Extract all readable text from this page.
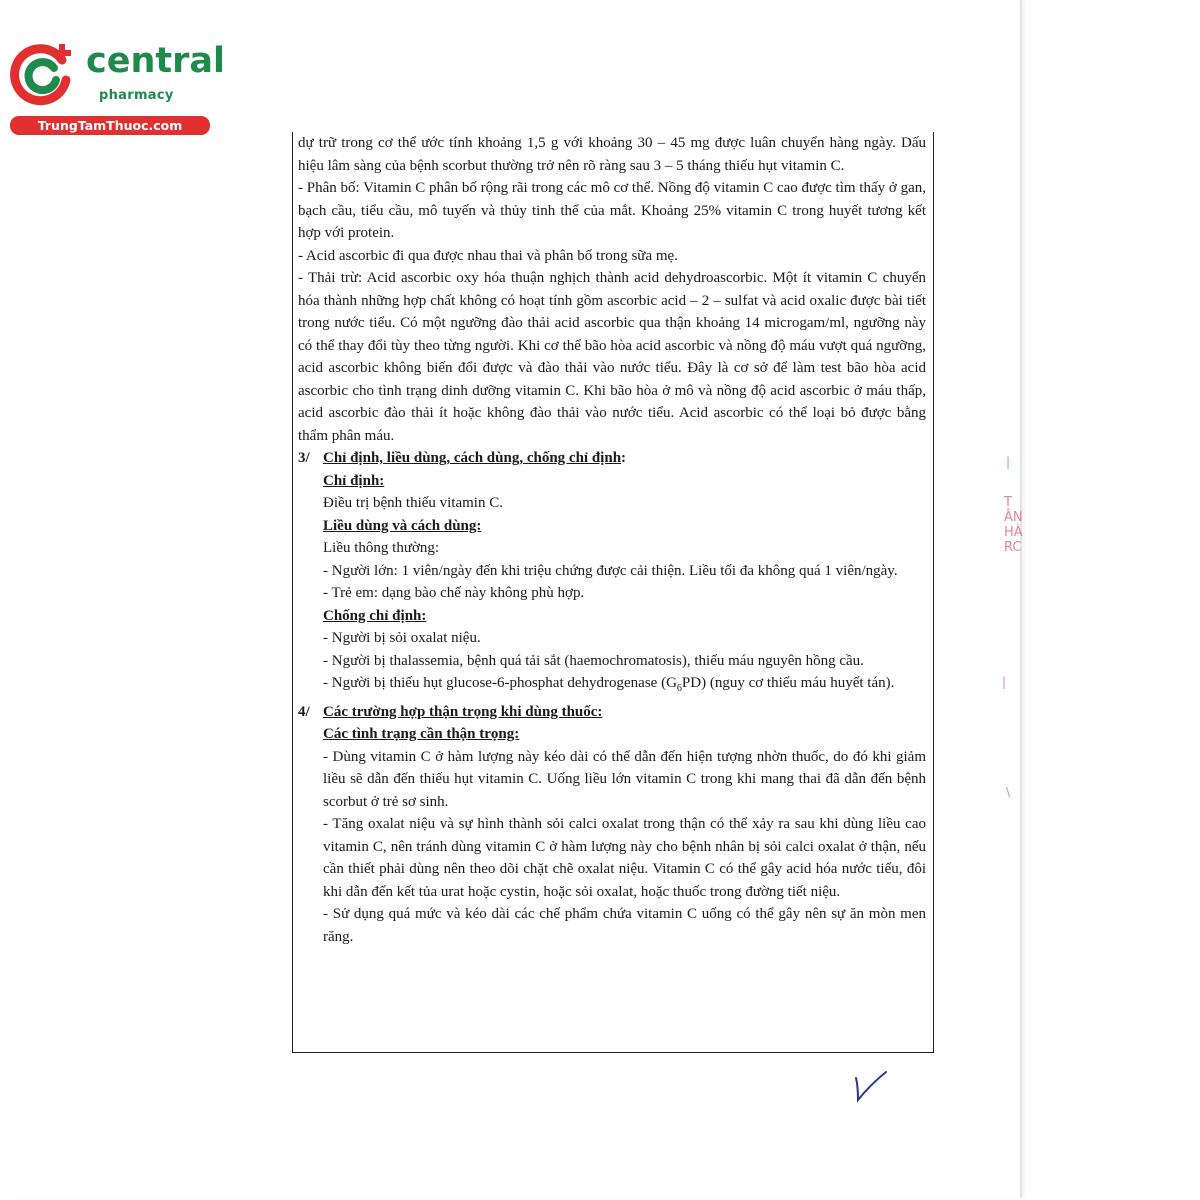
central
pharmacy
TrungTamThuoc.com

dự trữ trong cơ thể ước tính khoảng 1,5 g với khoảng 30 – 45 mg được luân chuyển hàng ngày. Dấu hiệu lâm sàng của bệnh scorbut thường trở nên rõ ràng sau 3 – 5 tháng thiếu hụt vitamin C.

- Phân bố: Vitamin C phân bố rộng rãi trong các mô cơ thể. Nồng độ vitamin C cao được tìm thấy ở gan, bạch cầu, tiểu cầu, mô tuyến và thủy tinh thể của mắt. Khoảng 25% vitamin C trong huyết tương kết hợp với protein.

- Acid ascorbic đi qua được nhau thai và phân bố trong sữa mẹ.

- Thải trừ: Acid ascorbic oxy hóa thuận nghịch thành acid dehydroascorbic. Một ít vitamin C chuyển hóa thành những hợp chất không có hoạt tính gồm ascorbic acid – 2 – sulfat và acid oxalic được bài tiết trong nước tiểu. Có một ngưỡng đào thải acid ascorbic qua thận khoảng 14 microgam/ml, ngưỡng này có thể thay đổi tùy theo từng người. Khi cơ thể bão hòa acid ascorbic và nồng độ máu vượt quá ngưỡng, acid ascorbic không biến đổi được và đào thải vào nước tiểu. Đây là cơ sở để làm test bão hòa acid ascorbic cho tình trạng dinh dưỡng vitamin C. Khi bão hòa ở mô và nồng độ acid ascorbic ở máu thấp, acid ascorbic đào thải ít hoặc không đào thải vào nước tiểu. Acid ascorbic có thể loại bỏ được bằng thẩm phân máu.

3/ Chỉ định, liều dùng, cách dùng, chống chỉ định:

Chỉ định:

Điều trị bệnh thiếu vitamin C.

Liều dùng và cách dùng:

Liều thông thường:

- Người lớn: 1 viên/ngày đến khi triệu chứng được cải thiện. Liều tối đa không quá 1 viên/ngày.

- Trẻ em: dạng bào chế này không phù hợp.

Chống chỉ định:

- Người bị sỏi oxalat niệu.

- Người bị thalassemia, bệnh quá tải sắt (haemochromatosis), thiếu máu nguyên hồng cầu.

- Người bị thiếu hụt glucose-6-phosphat dehydrogenase $(G_6PD)$ (nguy cơ thiếu máu huyết tán).

4/ Các trường hợp thận trọng khi dùng thuốc:

Các tình trạng cần thận trọng:

- Dùng vitamin C ở hàm lượng này kéo dài có thể dẫn đến hiện tượng nhờn thuốc, do đó khi giảm liều sẽ dẫn đến thiếu hụt vitamin C. Uống liều lớn vitamin C trong khi mang thai đã dẫn đến bệnh scorbut ở trẻ sơ sinh.

- Tăng oxalat niệu và sự hình thành sỏi calci oxalat trong thận có thể xảy ra sau khi dùng liều cao vitamin C, nên tránh dùng vitamin C ở hàm lượng này cho bệnh nhân bị sỏi calci oxalat ở thận, nếu cần thiết phải dùng nên theo dõi chặt chẽ oxalat niệu. Vitamin C có thể gây acid hóa nước tiểu, đôi khi dẫn đến kết tủa urat hoặc cystin, hoặc sỏi oxalat, hoặc thuốc trong đường tiết niệu.

- Sử dụng quá mức và kéo dài các chế phẩm chứa vitamin C uống có thể gây nên sự ăn mòn men răng.

|
T ÂN HÀ RC
|
\
